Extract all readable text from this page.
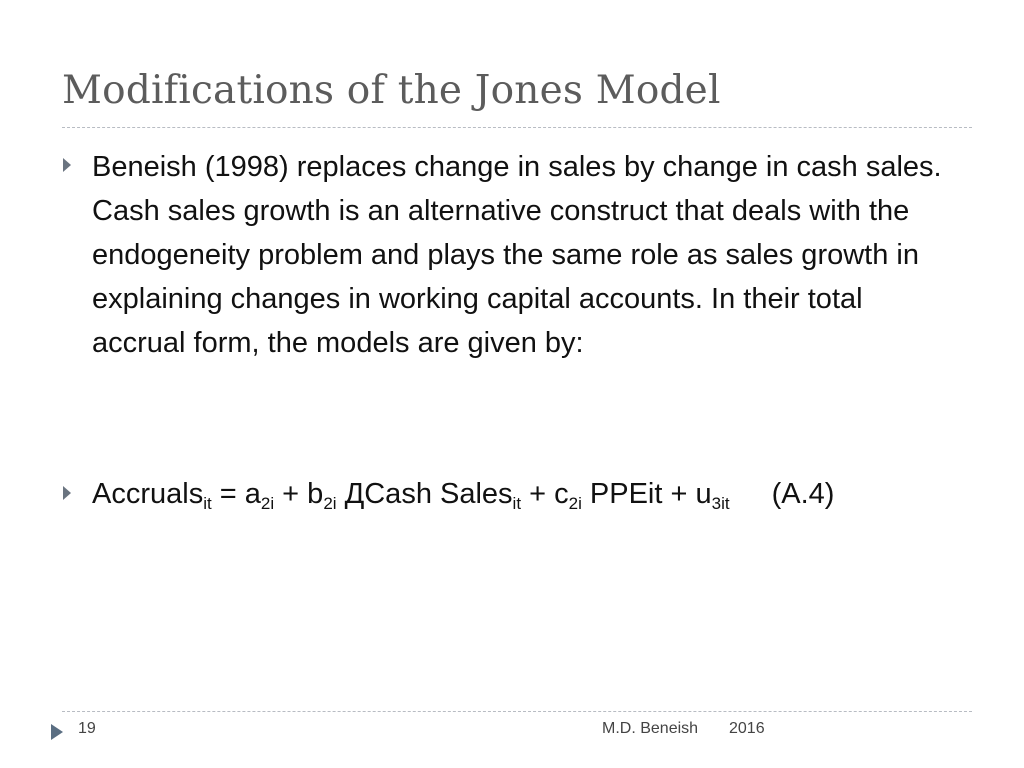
Modifications of the Jones Model
Beneish (1998) replaces change in sales by change in cash sales. Cash sales growth is an alternative construct that deals with the endogeneity problem and plays the same role as sales growth in explaining changes in working capital accounts. In their total accrual form, the models are given by:
Accruals$_{it}$ = $a_{2i} + b_{2i}$ ДCash Sales$_{it}$ + $c_{2i}$ PPEit + $u_{3it}$ (A.4)
19	M.D. Beneish 2016
